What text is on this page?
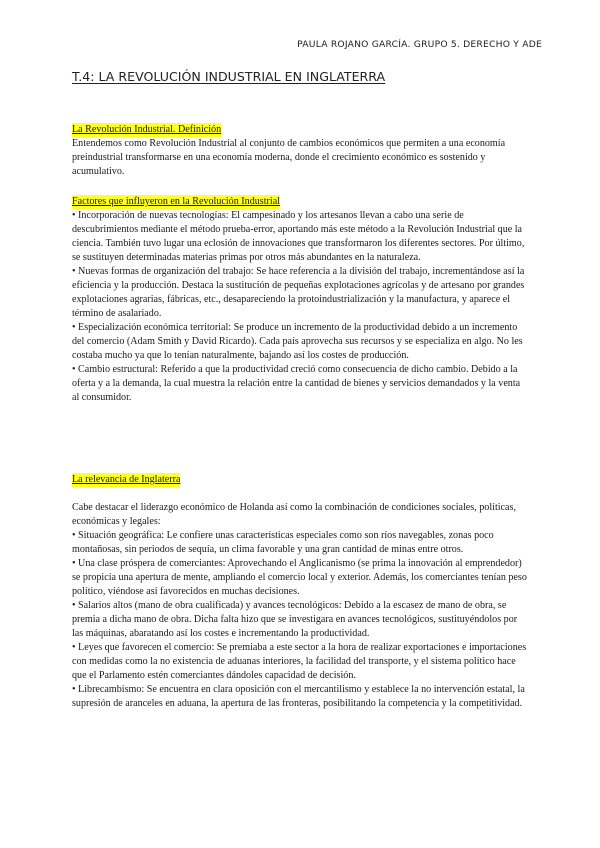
PAULA ROJANO GARCÍA. GRUPO 5. DERECHO Y ADE
T.4: LA REVOLUCIÓN INDUSTRIAL EN INGLATERRA

La Revolución Industrial. Definición

Entendemos como Revolución Industrial al conjunto de cambios económicos que permiten a una economía preindustrial transformarse en una economía moderna, donde el crecimiento económico es sostenido y acumulativo.

Factores que influyeron en la Revolución Industrial

• Incorporación de nuevas tecnologías: El campesinado y los artesanos llevan a cabo una serie de descubrimientos mediante el método prueba-error, aportando más este método a la Revolución Industrial que la ciencia. También tuvo lugar una eclosión de innovaciones que transformaron los diferentes sectores. Por último, se sustituyen determinadas materias primas por otros más abundantes en la naturaleza.

• Nuevas formas de organización del trabajo: Se hace referencia a la división del trabajo, incrementándose así la eficiencia y la producción. Destaca la sustitución de pequeñas explotaciones agrícolas y de artesano por grandes explotaciones agrarias, fábricas, etc., desapareciendo la protoindustrialización y la manufactura, y aparece el término de asalariado.

• Especialización económica territorial: Se produce un incremento de la productividad debido a un incremento del comercio (Adam Smith y David Ricardo). Cada país aprovecha sus recursos y se especializa en algo. No les costaba mucho ya que lo tenían naturalmente, bajando así los costes de producción.

• Cambio estructural: Referido a que la productividad creció como consecuencia de dicho cambio. Debido a la oferta y a la demanda, la cual muestra la relación entre la cantidad de bienes y servicios demandados y la venta al consumidor.

La relevancia de Inglaterra

Cabe destacar el liderazgo económico de Holanda así como la combinación de condiciones sociales, políticas, económicas y legales:

• Situación geográfica: Le confiere unas características especiales como son ríos navegables, zonas poco montañosas, sin periodos de sequía, un clima favorable y una gran cantidad de minas entre otros.

• Una clase próspera de comerciantes: Aprovechando el Anglicanismo (se prima la innovación al emprendedor) se propicia una apertura de mente, ampliando el comercio local y exterior. Además, los comerciantes tenían peso político, viéndose así favorecidos en muchas decisiones.

• Salarios altos (mano de obra cualificada) y avances tecnológicos: Debido a la escasez de mano de obra, se premia a dicha mano de obra. Dicha falta hizo que se investigara en avances tecnológicos, sustituyéndolos por las máquinas, abaratando así los costes e incrementando la productividad.

• Leyes que favorecen el comercio: Se premiaba a este sector a la hora de realizar exportaciones e importaciones con medidas como la no existencia de aduanas interiores, la facilidad del transporte, y el sistema político hace que el Parlamento estén comerciantes dándoles capacidad de decisión.

• Librecambismo: Se encuentra en clara oposición con el mercantilismo y establece la no intervención estatal, la supresión de aranceles en aduana, la apertura de las fronteras, posibilitando la competencia y la competitividad.
